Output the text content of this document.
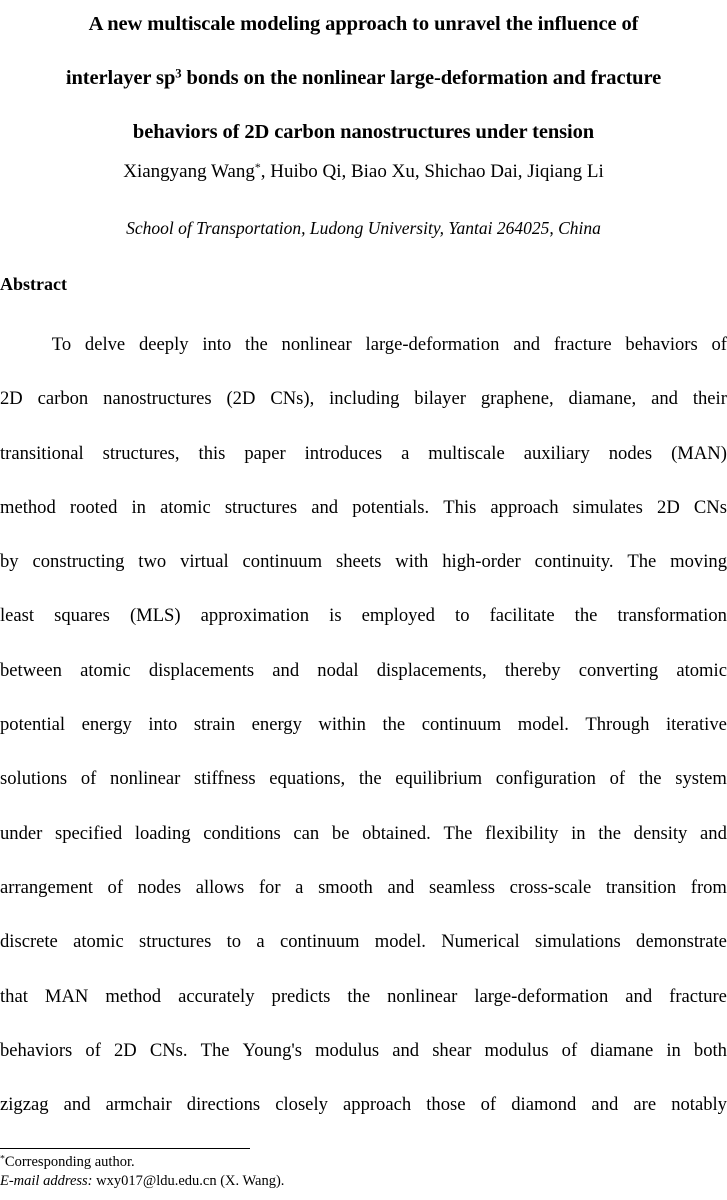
A new multiscale modeling approach to unravel the influence of
interlayer $sp^3$ bonds on the nonlinear large-deformation and fracture
behaviors of 2D carbon nanostructures under tension
Xiangyang Wang*, Huibo Qi, Biao Xu, Shichao Dai, Jiqiang Li
School of Transportation, Ludong University, Yantai 264025, China
Abstract
To delve deeply into the nonlinear large-deformation and fracture behaviors of
2D carbon nanostructures (2D CNs), including bilayer graphene, diamane, and their
transitional structures, this paper introduces a multiscale auxiliary nodes (MAN)
method rooted in atomic structures and potentials. This approach simulates 2D CNs
by constructing two virtual continuum sheets with high-order continuity. The moving
least squares (MLS) approximation is employed to facilitate the transformation
between atomic displacements and nodal displacements, thereby converting atomic
potential energy into strain energy within the continuum model. Through iterative
solutions of nonlinear stiffness equations, the equilibrium configuration of the system
under specified loading conditions can be obtained. The flexibility in the density and
arrangement of nodes allows for a smooth and seamless cross-scale transition from
discrete atomic structures to a continuum model. Numerical simulations demonstrate
that MAN method accurately predicts the nonlinear large-deformation and fracture
behaviors of 2D CNs. The Young's modulus and shear modulus of diamane in both
zigzag and armchair directions closely approach those of diamond and are notably
*Corresponding author.
E-mail address: wxy017@ldu.edu.cn (X. Wang).
